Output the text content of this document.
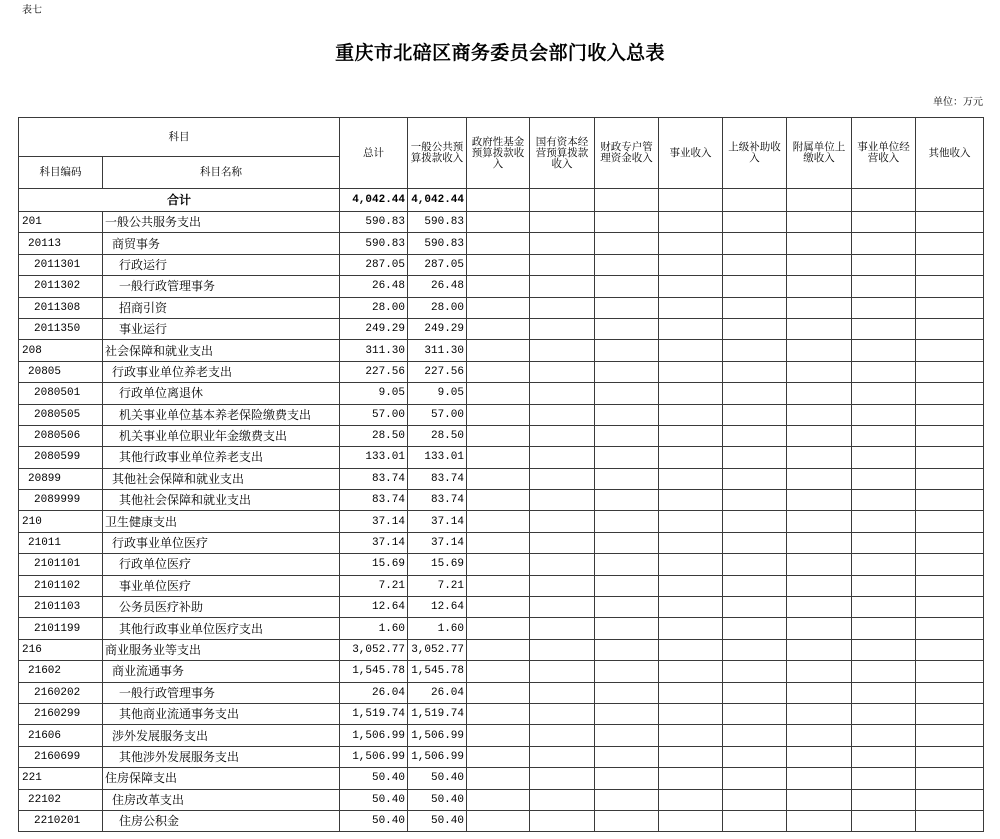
表七
重庆市北碚区商务委员会部门收入总表
单位：万元
科目		总计	一般公共预算拨款收入	政府性基金预算拨款收入	国有资本经营预算拨款收入	财政专户管理资金收入	事业收入	上级补助收入	附属单位上缴收入	事业单位经营收入	其他收入
科目编码	科目名称										
合计		4,042.44	4,042.44								
201	一般公共服务支出	590.83	590.83								
20113	商贸事务	590.83	590.83								
2011301	行政运行	287.05	287.05								
2011302	一般行政管理事务	26.48	26.48								
2011308	招商引资	28.00	28.00								
2011350	事业运行	249.29	249.29								
208	社会保障和就业支出	311.30	311.30								
20805	行政事业单位养老支出	227.56	227.56								
2080501	行政单位离退休	9.05	9.05								
2080505	机关事业单位基本养老保险缴费支出	57.00	57.00								
2080506	机关事业单位职业年金缴费支出	28.50	28.50								
2080599	其他行政事业单位养老支出	133.01	133.01								
20899	其他社会保障和就业支出	83.74	83.74								
2089999	其他社会保障和就业支出	83.74	83.74								
210	卫生健康支出	37.14	37.14								
21011	行政事业单位医疗	37.14	37.14								
2101101	行政单位医疗	15.69	15.69								
2101102	事业单位医疗	7.21	7.21								
2101103	公务员医疗补助	12.64	12.64								
2101199	其他行政事业单位医疗支出	1.60	1.60								
216	商业服务业等支出	3,052.77	3,052.77								
21602	商业流通事务	1,545.78	1,545.78								
2160202	一般行政管理事务	26.04	26.04								
2160299	其他商业流通事务支出	1,519.74	1,519.74								
21606	涉外发展服务支出	1,506.99	1,506.99								
2160699	其他涉外发展服务支出	1,506.99	1,506.99								
221	住房保障支出	50.40	50.40								
22102	住房改革支出	50.40	50.40								
2210201	住房公积金	50.40	50.40								
